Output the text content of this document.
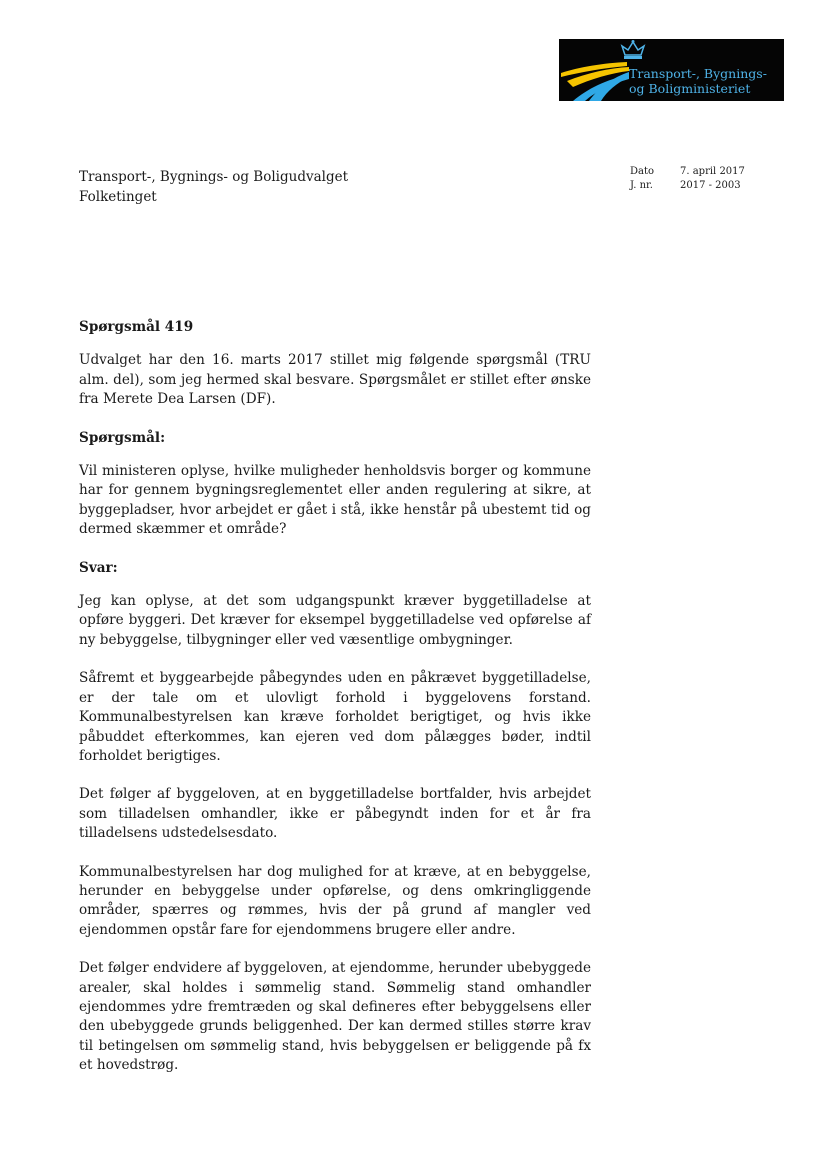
Transport-, Bygnings-
og Boligministeriet
Transport-, Bygnings- og Boligudvalget
Folketinget
Dato	7. april 2017
J. nr.	2017 - 2003
Spørgsmål 419

Udvalget har den 16. marts 2017 stillet mig følgende spørgsmål (TRU alm. del), som jeg hermed skal besvare. Spørgsmålet er stillet efter ønske fra Merete Dea Larsen (DF).

Spørgsmål:

Vil ministeren oplyse, hvilke muligheder henholdsvis borger og kommune har for gennem bygningsreglementet eller anden regulering at sikre, at byggepladser, hvor arbejdet er gået i stå, ikke henstår på ubestemt tid og dermed skæmmer et område?

Svar:

Jeg kan oplyse, at det som udgangspunkt kræver byggetilladelse at opføre byggeri. Det kræver for eksempel byggetilladelse ved opførelse af ny bebyggelse, tilbygninger eller ved væsentlige ombygninger.

Såfremt et byggearbejde påbegyndes uden en påkrævet byggetilladelse, er der tale om et ulovligt forhold i byggelovens forstand. Kommunalbestyrelsen kan kræve forholdet berigtiget, og hvis ikke påbuddet efterkommes, kan ejeren ved dom pålægges bøder, indtil forholdet berigtiges.

Det følger af byggeloven, at en byggetilladelse bortfalder, hvis arbejdet som tilladelsen omhandler, ikke er påbegyndt inden for et år fra tilladelsens udstedelsesdato.

Kommunalbestyrelsen har dog mulighed for at kræve, at en bebyggelse, herunder en bebyggelse under opførelse, og dens omkringliggende områder, spærres og rømmes, hvis der på grund af mangler ved ejendommen opstår fare for ejendommens brugere eller andre.

Det følger endvidere af byggeloven, at ejendomme, herunder ubebyggede arealer, skal holdes i sømmelig stand. Sømmelig stand omhandler ejendommes ydre fremtræden og skal defineres efter bebyggelsens eller den ubebyggede grunds beliggenhed. Der kan dermed stilles større krav til betingelsen om sømmelig stand, hvis bebyggelsen er beliggende på fx et hovedstrøg.
